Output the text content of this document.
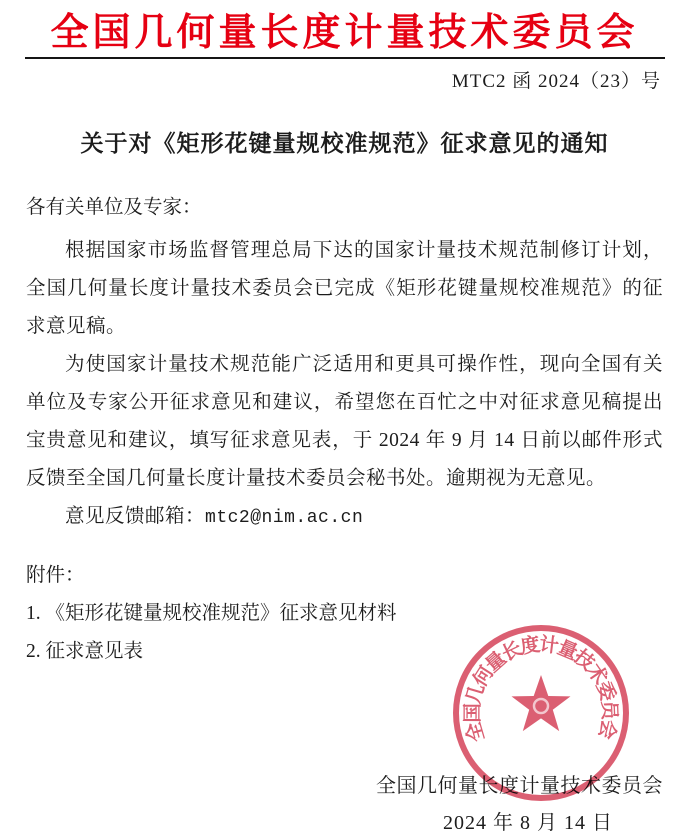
全国几何量长度计量技术委员会
MTC2 函 2024（23）号
关于对《矩形花键量规校准规范》征求意见的通知
各有关单位及专家：

根据国家市场监督管理总局下达的国家计量技术规范制修订计划，全国几何量长度计量技术委员会已完成《矩形花键量规校准规范》的征求意见稿。

为使国家计量技术规范能广泛适用和更具可操作性，现向全国有关单位及专家公开征求意见和建议，希望您在百忙之中对征求意见稿提出宝贵意见和建议，填写征求意见表，于 2024 年 9 月 14 日前以邮件形式反馈至全国几何量长度计量技术委员会秘书处。逾期视为无意见。

意见反馈邮箱：mtc2@nim.ac.cn

附件：
1. 《矩形花键量规校准规范》征求意见材料
2. 征求意见表
全国几何量长度计量技术委员会
2024 年 8 月 14 日
全国几何量长度计量技术委员会
